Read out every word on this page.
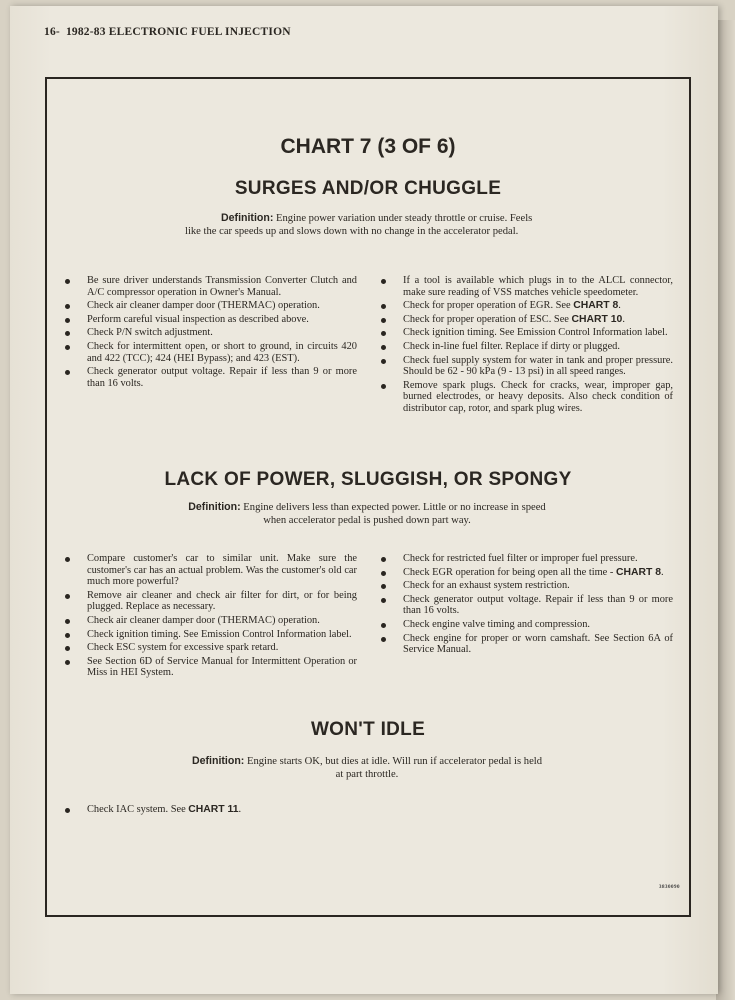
16- 1982-83 ELECTRONIC FUEL INJECTION
CHART 7 (3 OF 6)
SURGES AND/OR CHUGGLE
Definition: Engine power variation under steady throttle or cruise. Feels like the car speeds up and slows down with no change in the accelerator pedal.
Be sure driver understands Transmission Converter Clutch and A/C compressor operation in Owner's Manual.
Check air cleaner damper door (THERMAC) operation.
Perform careful visual inspection as described above.
Check P/N switch adjustment.
Check for intermittent open, or short to ground, in circuits 420 and 422 (TCC); 424 (HEI Bypass); and 423 (EST).
Check generator output voltage. Repair if less than 9 or more than 16 volts.
If a tool is available which plugs in to the ALCL connector, make sure reading of VSS matches vehicle speedometer.
Check for proper operation of EGR. See CHART 8.
Check for proper operation of ESC. See CHART 10.
Check ignition timing. See Emission Control Information label.
Check in-line fuel filter. Replace if dirty or plugged.
Check fuel supply system for water in tank and proper pressure. Should be 62 - 90 kPa (9 - 13 psi) in all speed ranges.
Remove spark plugs. Check for cracks, wear, improper gap, burned electrodes, or heavy deposits. Also check condition of distributor cap, rotor, and spark plug wires.
LACK OF POWER, SLUGGISH, OR SPONGY
Definition: Engine delivers less than expected power. Little or no increase in speed when accelerator pedal is pushed down part way.
Compare customer's car to similar unit. Make sure the customer's car has an actual problem. Was the customer's old car much more powerful?
Remove air cleaner and check air filter for dirt, or for being plugged. Replace as necessary.
Check air cleaner damper door (THERMAC) operation.
Check ignition timing. See Emission Control Information label.
Check ESC system for excessive spark retard.
See Section 6D of Service Manual for Intermittent Operation or Miss in HEI System.
Check for restricted fuel filter or improper fuel pressure.
Check EGR operation for being open all the time - CHART 8.
Check for an exhaust system restriction.
Check generator output voltage. Repair if less than 9 or more than 16 volts.
Check engine valve timing and compression.
Check engine for proper or worn camshaft. See Section 6A of Service Manual.
WON'T IDLE
Definition: Engine starts OK, but dies at idle. Will run if accelerator pedal is held at part throttle.
Check IAC system. See CHART 11.
3830090
